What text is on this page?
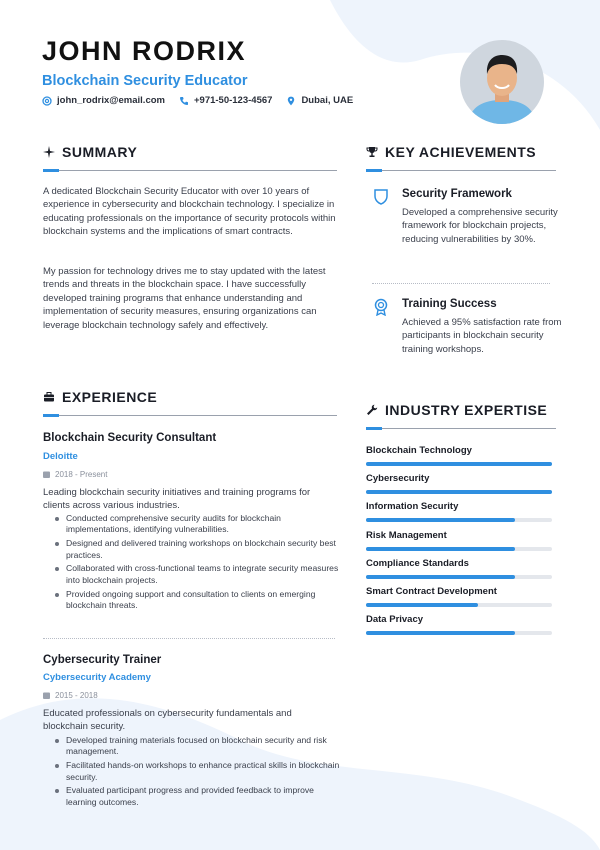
JOHN RODRIX
Blockchain Security Educator
john_rodrix@email.com	+971-50-123-4567	Dubai, UAE
SUMMARY
A dedicated Blockchain Security Educator with over 10 years of experience in cybersecurity and blockchain technology. I specialize in educating professionals on the importance of security protocols within blockchain systems and the implications of smart contracts.
My passion for technology drives me to stay updated with the latest trends and threats in the blockchain space. I have successfully developed training programs that enhance understanding and implementation of security measures, ensuring organizations can leverage blockchain technology safely and effectively.
KEY ACHIEVEMENTS
Security Framework
Developed a comprehensive security framework for blockchain projects, reducing vulnerabilities by 30%.
Training Success
Achieved a 95% satisfaction rate from participants in blockchain security training workshops.
EXPERIENCE
Blockchain Security Consultant
Deloitte
2018 - Present
Leading blockchain security initiatives and training programs for clients across various industries.
Conducted comprehensive security audits for blockchain implementations, identifying vulnerabilities.
Designed and delivered training workshops on blockchain security best practices.
Collaborated with cross-functional teams to integrate security measures into blockchain projects.
Provided ongoing support and consultation to clients on emerging blockchain threats.
Cybersecurity Trainer
Cybersecurity Academy
2015 - 2018
Educated professionals on cybersecurity fundamentals and blockchain security.
Developed training materials focused on blockchain security and risk management.
Facilitated hands-on workshops to enhance practical skills in blockchain security.
Evaluated participant progress and provided feedback to improve learning outcomes.
INDUSTRY EXPERTISE
Blockchain Technology
Cybersecurity
Information Security
Risk Management
Compliance Standards
Smart Contract Development
Data Privacy
